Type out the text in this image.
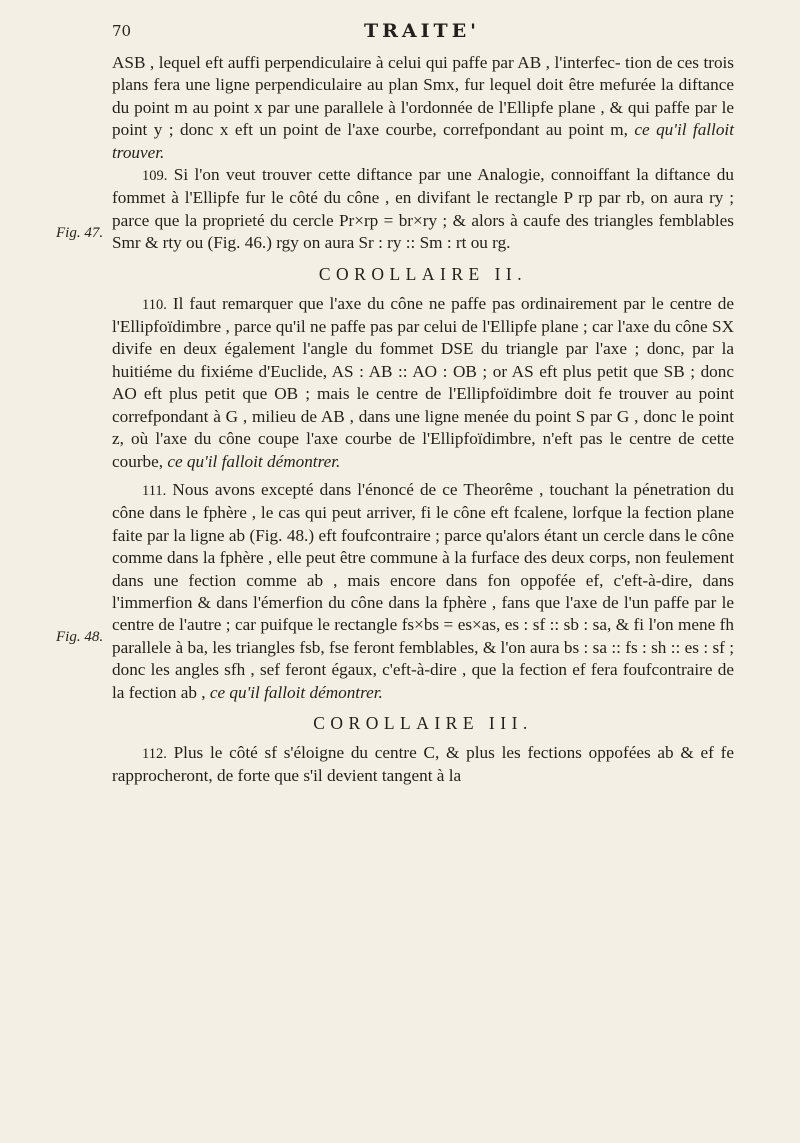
70	TRAITE'
Fig. 47.
Fig. 48.

ASB , lequel eft auffi perpendiculaire à celui qui paffe par AB , l'interfec- tion de ces trois plans fera une ligne perpendiculaire au plan Smx, fur lequel doit être mefurée la diftance du point m au point x par une parallele à l'ordonnée de l'Ellipfe plane , & qui paffe par le point y ; donc x eft un point de l'axe courbe, correfpondant au point m, ce qu'il falloit trouver.

109. Si l'on veut trouver cette diftance par une Analogie, connoiffant la diftance du fommet à l'Ellipfe fur le côté du cône , en divifant le rectangle P rp par rb, on aura ry ; parce que la proprieté du cercle Pr×rp = br×ry ; & alors à caufe des triangles femblables Smr & rty ou (Fig. 46.) rgy on aura Sr : ry :: Sm : rt ou rg.

COROLLAIRE II.

110. Il faut remarquer que l'axe du cône ne paffe pas ordinairement par le centre de l'Ellipfoïdimbre , parce qu'il ne paffe pas par celui de l'Ellipfe plane ; car l'axe du cône SX divife en deux également l'angle du fommet DSE du triangle par l'axe ; donc, par la huitiéme du fixiéme d'Euclide, AS : AB :: AO : OB ; or AS eft plus petit que SB ; donc AO eft plus petit que OB ; mais le centre de l'Ellipfoïdimbre doit fe trouver au point correfpondant à G , milieu de AB , dans une ligne menée du point S par G , donc le point z, où l'axe du cône coupe l'axe courbe de l'Ellipfoïdimbre, n'eft pas le centre de cette courbe, ce qu'il falloit démontrer.

111. Nous avons excepté dans l'énoncé de ce Theorême , touchant la pénetration du cône dans le fphère , le cas qui peut arriver, fi le cône eft fcalene, lorfque la fection plane faite par la ligne ab (Fig. 48.) eft foufcontraire ; parce qu'alors étant un cercle dans le cône comme dans la fphère , elle peut être commune à la furface des deux corps, non feulement dans une fection comme ab , mais encore dans fon oppofée ef, c'eft-à-dire, dans l'immerfion & dans l'émerfion du cône dans la fphère , fans que l'axe de l'un paffe par le centre de l'autre ; car puifque le rectangle fs×bs = es×as, es : sf :: sb : sa, & fi l'on mene fh parallele à ba, les triangles fsb, fse feront femblables, & l'on aura bs : sa :: fs : sh :: es : sf ; donc les angles sfh , sef feront égaux, c'eft-à-dire , que la fection ef fera foufcontraire de la fection ab , ce qu'il falloit démontrer.

COROLLAIRE III.

112. Plus le côté sf s'éloigne du centre C, & plus les fections oppofées ab & ef fe rapprocheront, de forte que s'il devient tangent à la
